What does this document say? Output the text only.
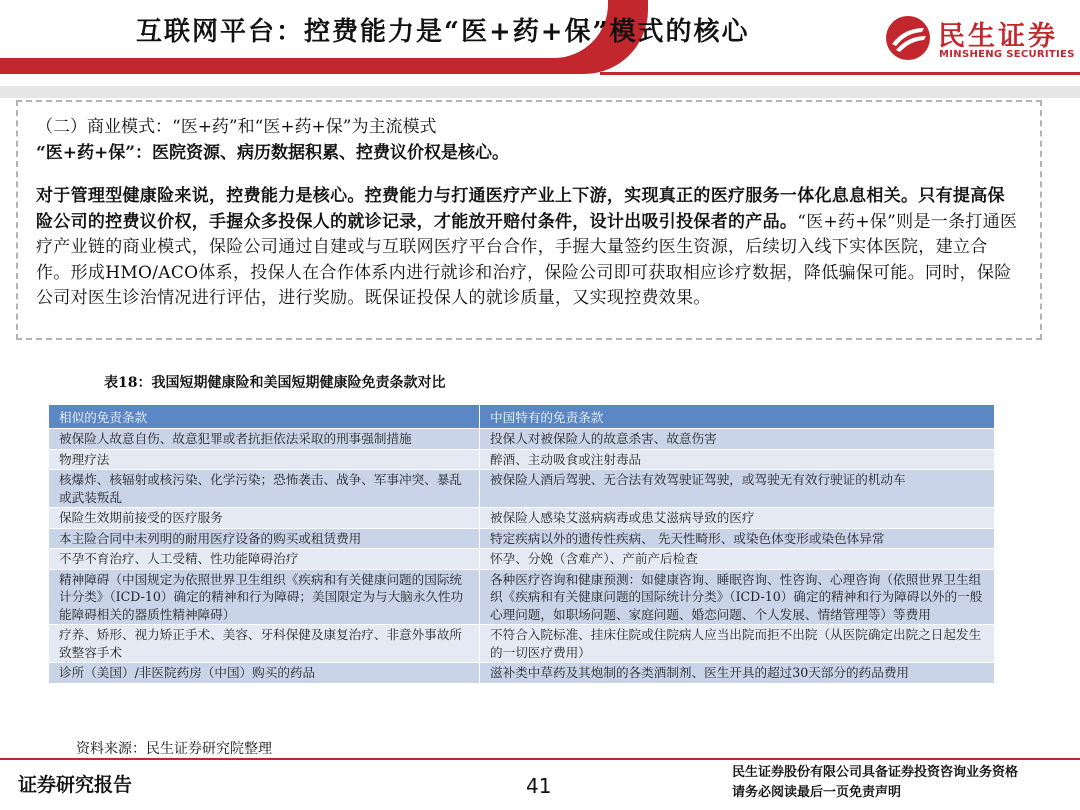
互联网平台：控费能力是“医+药+保”模式的核心	民生证券
MINSHENG SECURITIES

（二）商业模式：“医+药”和“医+药+保”为主流模式

“医+药+保”：医院资源、病历数据积累、控费议价权是核心。

对于管理型健康险来说，控费能力是核心。控费能力与打通医疗产业上下游，实现真正的医疗服务一体化息息相关。只有提高保险公司的控费议价权，手握众多投保人的就诊记录，才能放开赔付条件，设计出吸引投保者的产品。“医+药+保”则是一条打通医疗产业链的商业模式，保险公司通过自建或与互联网医疗平台合作，手握大量签约医生资源，后续切入线下实体医院，建立合作。形成HMO/ACO体系，投保人在合作体系内进行就诊和治疗，保险公司即可获取相应诊疗数据，降低骗保可能。同时，保险公司对医生诊治情况进行评估，进行奖励。既保证投保人的就诊质量，又实现控费效果。

表18：我国短期健康险和美国短期健康险免责条款对比
相似的免责条款	中国特有的免责条款
被保险人故意自伤、故意犯罪或者抗拒依法采取的刑事强制措施	投保人对被保险人的故意杀害、故意伤害
物理疗法	醉酒、主动吸食或注射毒品
核爆炸、核辐射或核污染、化学污染；恐怖袭击、战争、军事冲突、暴乱或武装叛乱	被保险人酒后驾驶、无合法有效驾驶证驾驶，或驾驶无有效行驶证的机动车
保险生效期前接受的医疗服务	被保险人感染艾滋病病毒或患艾滋病导致的医疗
本主险合同中未列明的耐用医疗设备的购买或租赁费用	特定疾病以外的遗传性疾病、 先天性畸形、或染色体变形或染色体异常
不孕不育治疗、人工受精、性功能障碍治疗	怀孕、分娩（含难产）、产前产后检查
精神障碍（中国规定为依照世界卫生组织《疾病和有关健康问题的国际统计分类》（ICD-10）确定的精神和行为障碍；美国限定为与大脑永久性功能障碍相关的器质性精神障碍）	各种医疗咨询和健康预测：如健康咨询、睡眠咨询、性咨询、心理咨询（依照世界卫生组织《疾病和有关健康问题的国际统计分类》（ICD-10）确定的精神和行为障碍以外的一般心理问题，如职场问题、家庭问题、婚恋问题、个人发展、情绪管理等）等费用
疗养、矫形、视力矫正手术、美容、牙科保健及康复治疗、非意外事故所致整容手术	不符合入院标准、挂床住院或住院病人应当出院而拒不出院（从医院确定出院之日起发生的一切医疗费用）
诊所（美国）/非医院药房（中国）购买的药品	滋补类中草药及其炮制的各类酒制剂、医生开具的超过30天部分的药品费用
资料来源：民生证券研究院整理
证券研究报告	41
民生证券股份有限公司具备证券投资咨询业务资格
请务必阅读最后一页免责声明
